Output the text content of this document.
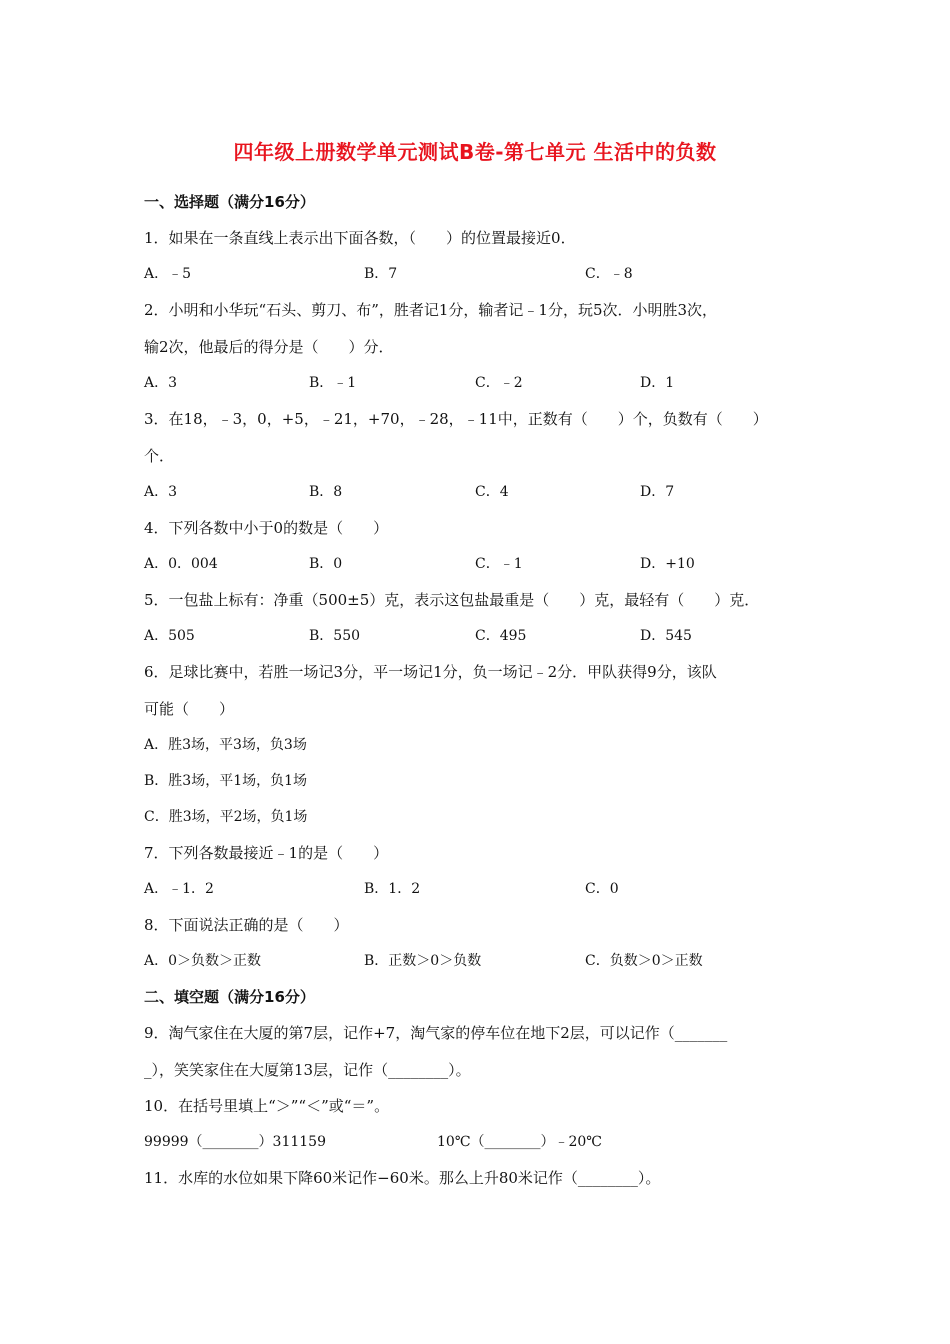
四年级上册数学单元测试B卷-第七单元 生活中的负数
一、选择题（满分16分）
1．如果在一条直线上表示出下面各数，（　　）的位置最接近0．
A．﹣5	B．7	C．﹣8
2．小明和小华玩“石头、剪刀、布”，胜者记1分，输者记﹣1分，玩5次．小明胜3次，
输2次，他最后的得分是（　　）分．
A．3	B．﹣1	C．﹣2	D．1
3．在18，﹣3，0，+5，﹣21，+70，﹣28，﹣11中，正数有（　　）个，负数有（　　）
个．
A．3	B．8	C．4	D．7
4．下列各数中小于0的数是（　　）
A．0．004	B．0	C．﹣1	D．+10
5．一包盐上标有：净重（500±5）克，表示这包盐最重是（　　）克，最轻有（　　）克．
A．505	B．550	C．495	D．545
6．足球比赛中，若胜一场记3分，平一场记1分，负一场记﹣2分．甲队获得9分，该队
可能（　　）
A．胜3场，平3场，负3场
B．胜3场，平1场，负1场
C．胜3场，平2场，负1场
7．下列各数最接近﹣1的是（　　）
A．﹣1．2	B．1．2	C．0
8．下面说法正确的是（　　）
A．0＞负数＞正数	B．正数＞0＞负数	C．负数＞0＞正数
二、填空题（满分16分）
9．淘气家住在大厦的第7层，记作+7，淘气家的停车位在地下2层，可以记作（_______
_），笑笑家住在大厦第13层，记作（________）。
10．在括号里填上“＞”“＜”或“＝”。
99999（________）311159	10℃（________）﹣20℃
11．水库的水位如果下降60米记作−60米。那么上升80米记作（________）。
